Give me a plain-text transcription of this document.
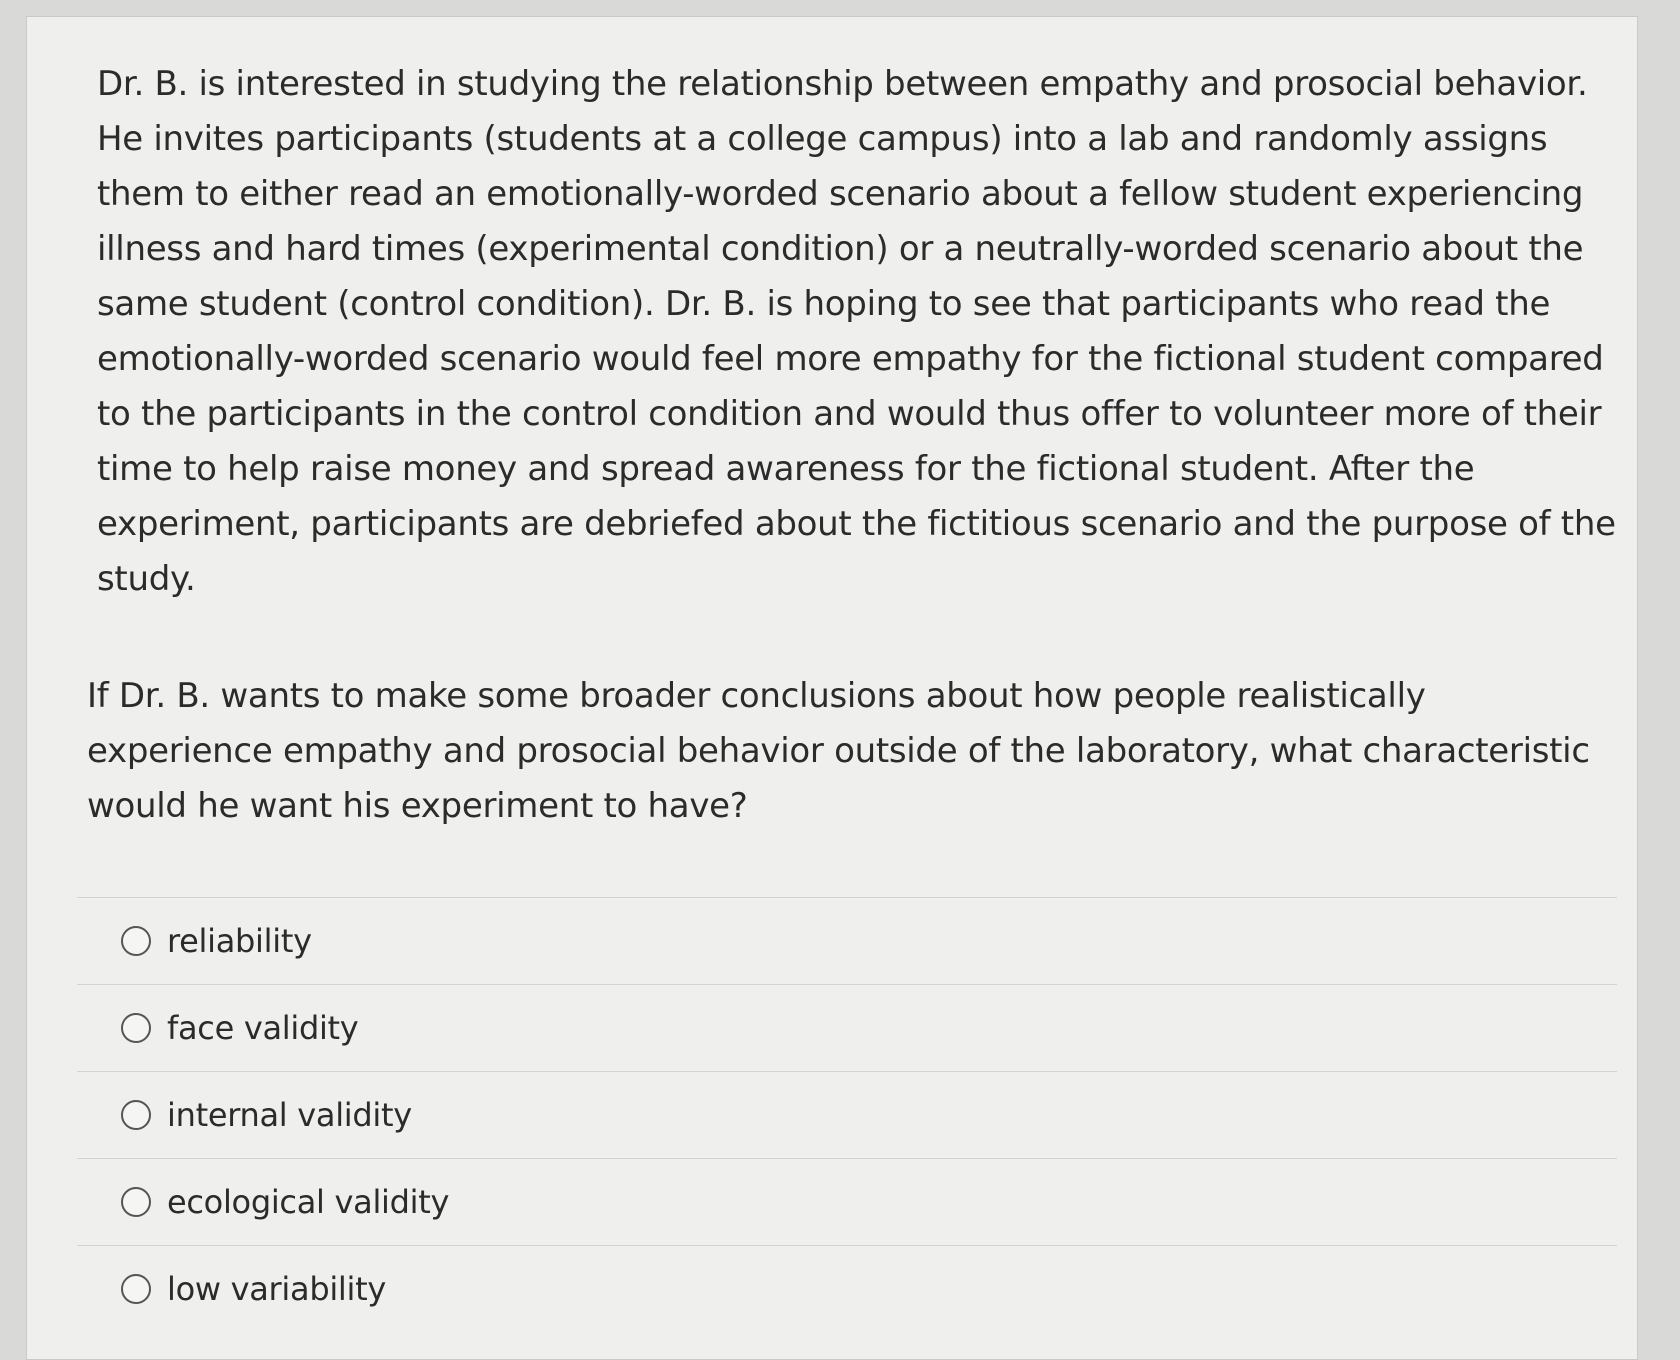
Dr. B. is interested in studying the relationship between empathy and prosocial behavior. He invites participants (students at a college campus) into a lab and randomly assigns them to either read an emotionally-worded scenario about a fellow student experiencing illness and hard times (experimental condition) or a neutrally-worded scenario about the same student (control condition). Dr. B. is hoping to see that participants who read the emotionally-worded scenario would feel more empathy for the fictional student compared to the participants in the control condition and would thus offer to volunteer more of their time to help raise money and spread awareness for the fictional student. After the experiment, participants are debriefed about the fictitious scenario and the purpose of the study.

If Dr. B. wants to make some broader conclusions about how people realistically experience empathy and prosocial behavior outside of the laboratory, what characteristic would he want his experiment to have?

reliability
face validity
internal validity
ecological validity
low variability
